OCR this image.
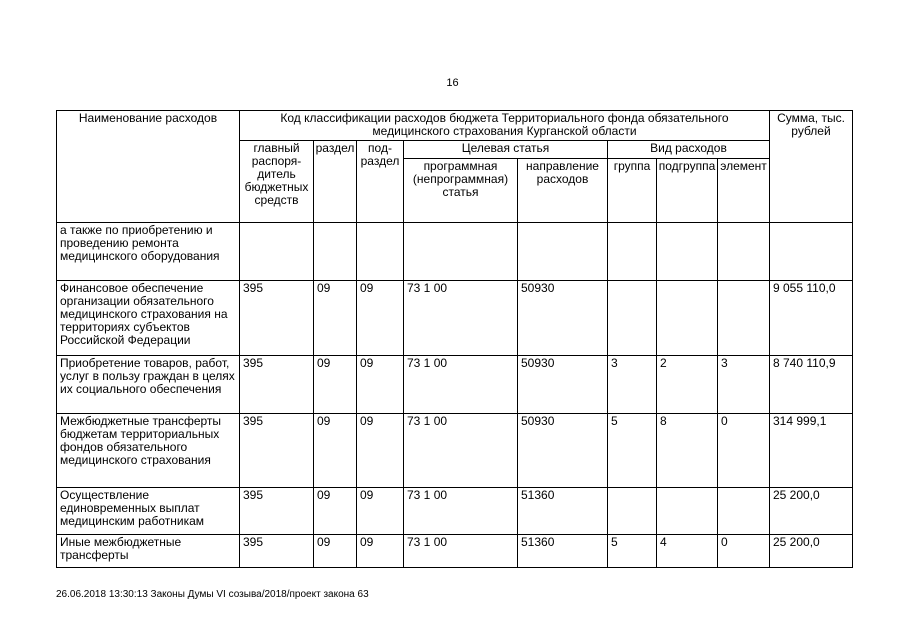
16
Наименование расходов	Код классификации расходов бюджета Территориального фонда обязательного медицинского страхования Курганской области								Сумма, тыс. рублей
	главный распоря-дитель бюджетных средств	раздел	под-раздел	Целевая статья		Вид расходов			
				программная (непрограммная) статья	направление расходов	группа	подгруппа	элемент	
а также по приобретению и проведению ремонта медицинского оборудования									
Финансовое обеспечение организации обязательного медицинского страхования на территориях субъектов Российской Федерации	395	09	09	73 1 00	50930				9 055 110,0
Приобретение товаров, работ, услуг в пользу граждан в целях их социального обеспечения	395	09	09	73 1 00	50930	3	2	3	8 740 110,9
Межбюджетные трансферты бюджетам территориальных фондов обязательного медицинского страхования	395	09	09	73 1 00	50930	5	8	0	314 999,1
Осуществление единовременных выплат медицинским работникам	395	09	09	73 1 00	51360				25 200,0
Иные межбюджетные трансферты	395	09	09	73 1 00	51360	5	4	0	25 200,0
26.06.2018 13:30:13 Законы Думы VI созыва/2018/проект закона 63
